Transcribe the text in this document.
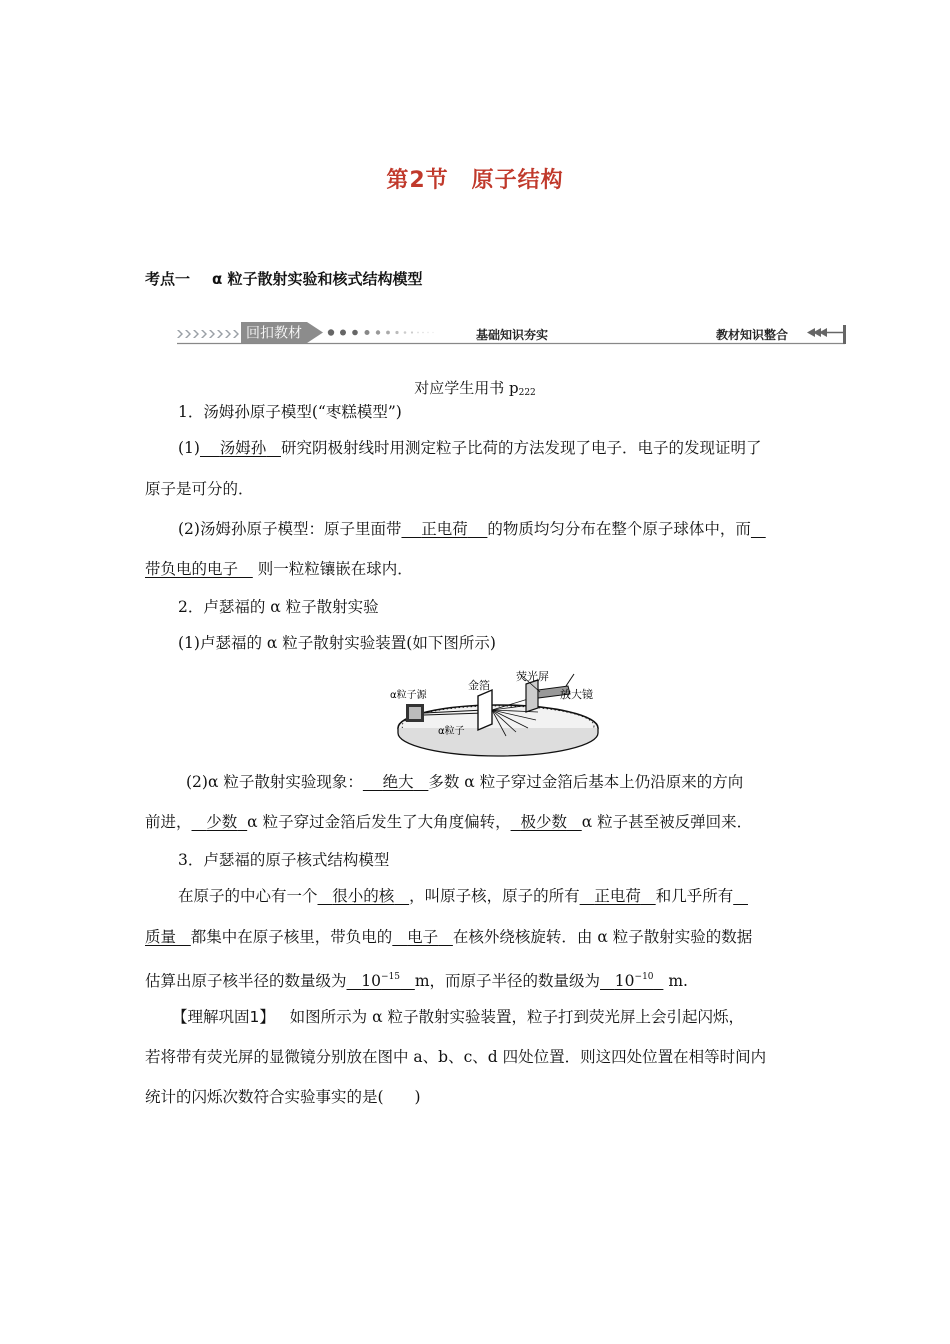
第2节　原子结构
考点一 α 粒子散射实验和核式结构模型
回扣教材	基础知识夯实	教材知识整合
对应学生用书 $p_{222}$
1．汤姆孙原子模型(“枣糕模型”)
(1) 汤姆孙 研究阴极射线时用测定粒子比荷的方法发现了电子．电子的发现证明了
原子是可分的．
(2)汤姆孙原子模型：原子里面带 正电荷 的物质均匀分布在整个原子球体中，而
带负电的电子 则一粒粒镶嵌在球内．
2．卢瑟福的 α 粒子散射实验
(1)卢瑟福的 α 粒子散射实验装置(如下图所示)
α粒子源
金箔
荧光屏
放大镜
α粒子
(2)α 粒子散射实验现象： 绝大 多数 α 粒子穿过金箔后基本上仍沿原来的方向
前进， 少数 α 粒子穿过金箔后发生了大角度偏转， 极少数 α 粒子甚至被反弹回来．
3．卢瑟福的原子核式结构模型
在原子的中心有一个 很小的核 ，叫原子核，原子的所有 正电荷 和几乎所有
质量 都集中在原子核里，带负电的 电子 在核外绕核旋转．由 α 粒子散射实验的数据
估算出原子核半径的数量级为 $10^{-15}$ m，而原子半径的数量级为 $10^{-10}$ m.
【理解巩固1】 如图所示为 α 粒子散射实验装置，粒子打到荧光屏上会引起闪烁，
若将带有荧光屏的显微镜分别放在图中 a、b、c、d 四处位置．则这四处位置在相等时间内
统计的闪烁次数符合实验事实的是(　　)
